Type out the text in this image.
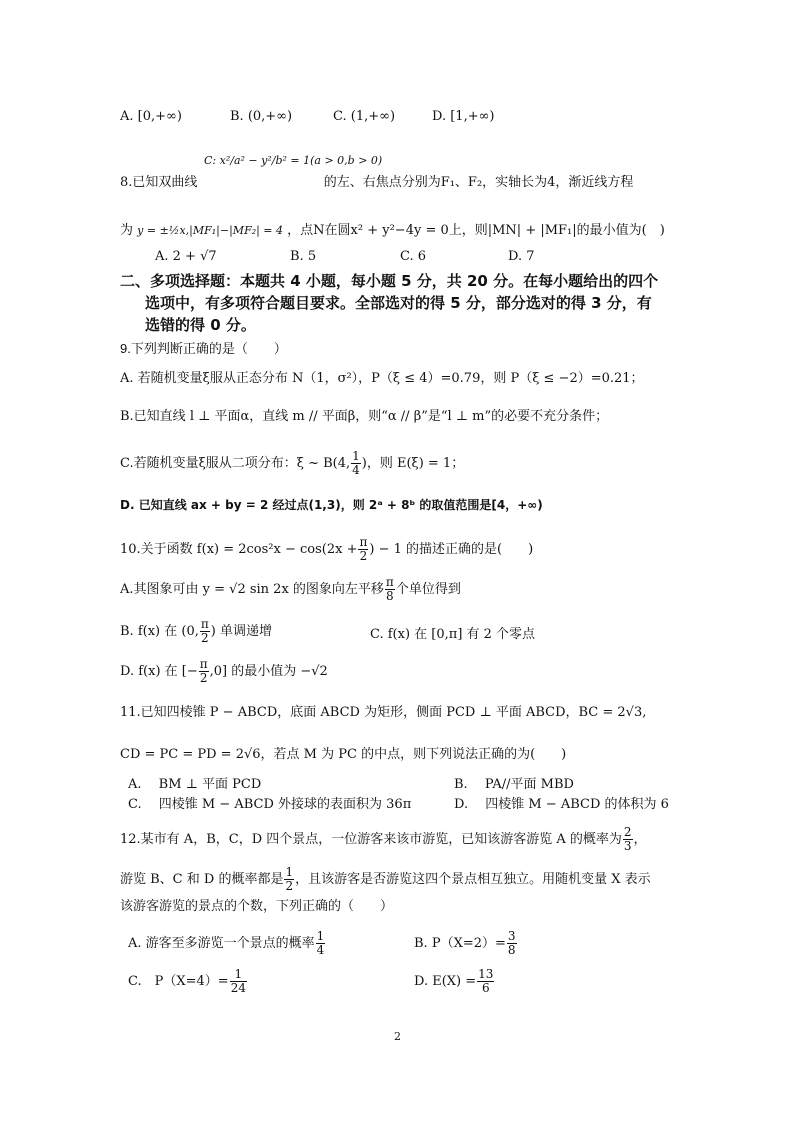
A. [0,+∞)	B. (0,+∞)	C. (1,+∞)	D. [1,+∞)
C: x²/a² − y²/b² = 1(a > 0,b > 0)
8.已知双曲线	的左、右焦点分别为F₁、F₂，实轴长为4，渐近线方程
为 y = ±½x,|MF₁|−|MF₂| = 4 ，点N在圆x² + y²−4y = 0上，则|MN| + |MF₁|的最小值为(　)
A. 2 + √7	B. 5	C. 6	D. 7
二、多项选择题：本题共 4 小题，每小题 5 分，共 20 分。在每小题给出的四个
选项中，有多项符合题目要求。全部选对的得 5 分，部分选对的得 3 分，有
选错的得 0 分。
9.下列判断正确的是（　　）
A. 若随机变量ξ服从正态分布 N（1，σ²），P（ξ ≤ 4）=0.79，则 P（ξ ≤ −2）=0.21；
B.已知直线 l ⊥ 平面α，直线 m // 平面β，则“α // β”是“l ⊥ m”的必要不充分条件；
C.若随机变量ξ服从二项分布：ξ ~ B(4, $\frac{1}{4}$ )，则 E(ξ) = 1；
D. 已知直线 ax + by = 2 经过点(1,3)，则 2ᵃ + 8ᵇ 的取值范围是[4，+∞)
10.关于函数 $f(x) = 2\cos^2x - \cos(2x + \frac{\pi}{2}$ ) − 1 的描述正确的是(　　)
A.其图象可由 y = √2 sin 2x 的图象向左平移 $\frac{\pi}{8}$ 个单位得到
B. f(x) 在 (0, $\frac{\pi}{2}$ ) 单调递增	C. f(x) 在 [0,π] 有 2 个零点
D. f(x) 在 [− $\frac{\pi}{2} ,0$] 的最小值为 −√2
11.已知四棱锥 P − ABCD，底面 ABCD 为矩形，侧面 PCD ⊥ 平面 ABCD，BC = 2√3,
CD = PC = PD = 2√6，若点 M 为 PC 的中点，则下列说法正确的为(　　)
A.　 BM ⊥ 平面 PCD	B.　 PA//平面 MBD
C.　 四棱锥 M − ABCD 外接球的表面积为 36π	D.　 四棱锥 M − ABCD 的体积为 6
12.某市有 A，B，C，D 四个景点，一位游客来该市游览，已知该游客游览 A 的概率为 $\frac{2}{3}$ ，
游览 B、C 和 D 的概率都是 $\frac{1}{2}$ ，且该游客是否游览这四个景点相互独立。用随机变量 X 表示
该游客游览的景点的个数，下列正确的（　　）
A. 游客至多游览一个景点的概率 $\frac{1}{4}$	B. $P(X=2)= \frac{3}{8}$
C.　$P(X=4)= \frac{1}{24}$	D. $E(X) = \frac{13}{6}$
2
